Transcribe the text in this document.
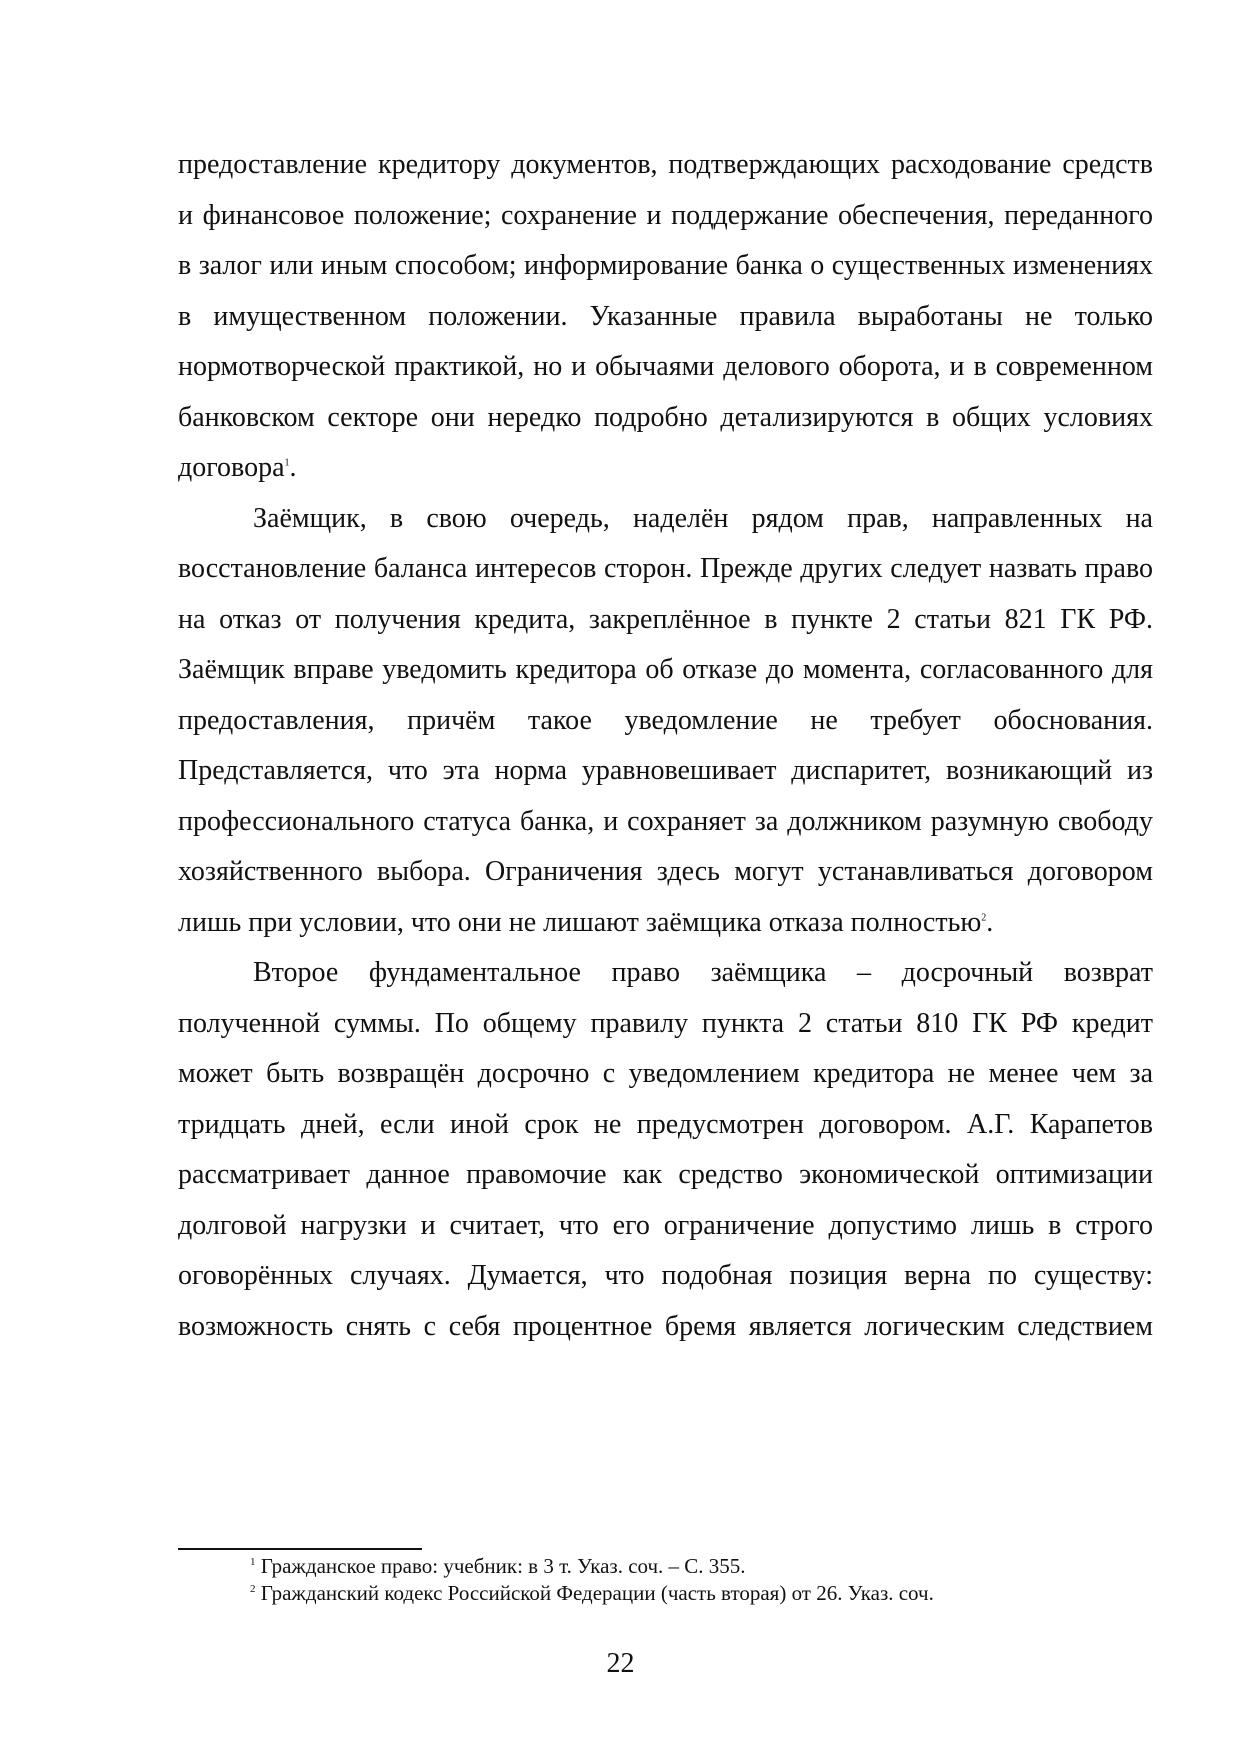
предоставление кредитору документов, подтверждающих расходование средств и финансовое положение; сохранение и поддержание обеспечения, переданного в залог или иным способом; информирование банка о существенных изменениях в имущественном положении. Указанные правила выработаны не только нормотворческой практикой, но и обычаями делового оборота, и в современном банковском секторе они нередко подробно детализируются в общих условиях договора$^1$.

Заёмщик, в свою очередь, наделён рядом прав, направленных на восстановление баланса интересов сторон. Прежде других следует назвать право на отказ от получения кредита, закреплённое в пункте 2 статьи 821 ГК РФ. Заёмщик вправе уведомить кредитора об отказе до момента, согласованного для предоставления, причём такое уведомление не требует обоснования. Представляется, что эта норма уравновешивает диспаритет, возникающий из профессионального статуса банка, и сохраняет за должником разумную свободу хозяйственного выбора. Ограничения здесь могут устанавливаться договором лишь при условии, что они не лишают заёмщика отказа полностью$^2$.

Второе фундаментальное право заёмщика – досрочный возврат полученной суммы. По общему правилу пункта 2 статьи 810 ГК РФ кредит может быть возвращён досрочно с уведомлением кредитора не менее чем за тридцать дней, если иной срок не предусмотрен договором. А.Г. Карапетов рассматривает данное правомочие как средство экономической оптимизации долговой нагрузки и считает, что его ограничение допустимо лишь в строго оговорённых случаях. Думается, что подобная позиция верна по существу: возможность снять с себя процентное бремя является логическим следствием

$^1$ Гражданское право: учебник: в 3 т. Указ. соч. – С. 355.

$^2$ Гражданский кодекс Российской Федерации (часть вторая) от 26. Указ. соч.

22
